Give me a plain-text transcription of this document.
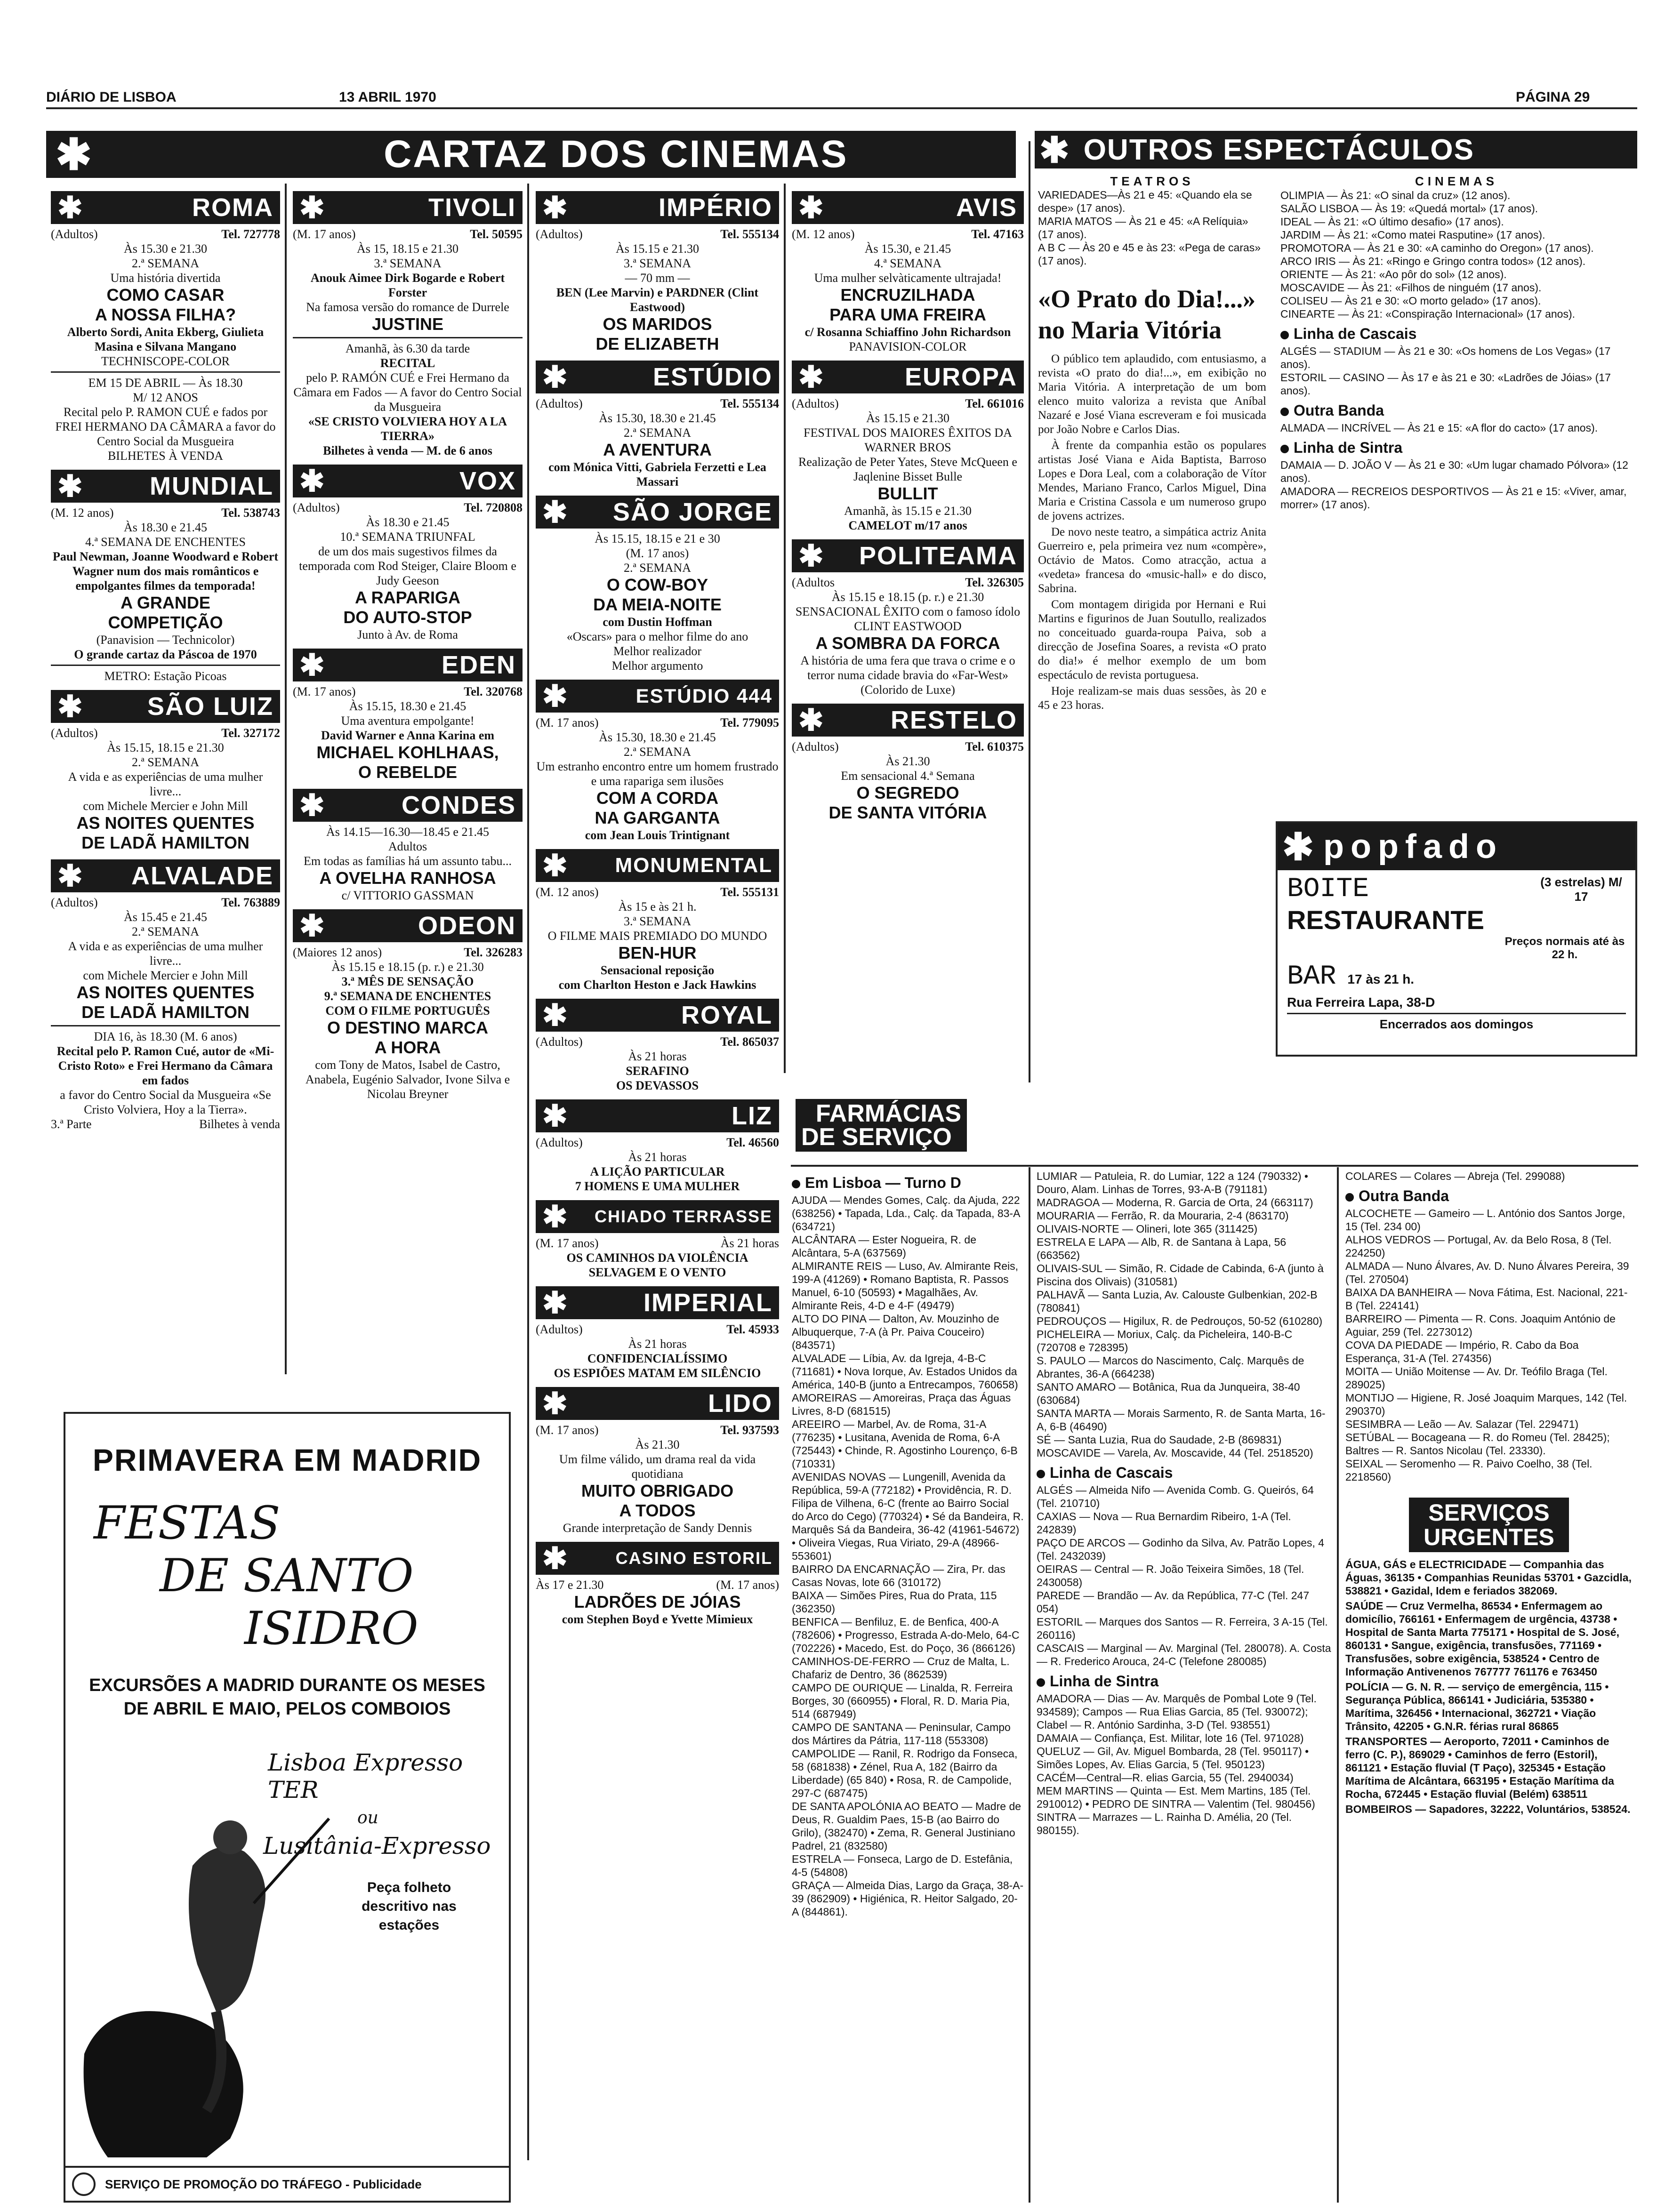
DIÁRIO DE LISBOA	13 ABRIL 1970	PÁGINA 29
✱	CARTAZ DOS CINEMAS	✱ OUTROS ESPECTÁCULOS
✱	ROMA
(Adultos)	Tel. 727778
Às 15.30 e 21.30
2.ª SEMANA
Uma história divertida
COMO CASAR
A NOSSA FILHA?
Alberto Sordi, Anita Ekberg, Giulieta Masina e Silvana Mangano
TECHNISCOPE-COLOR
EM 15 DE ABRIL — Às 18.30
M/ 12 ANOS
Recital pelo P. RAMON CUÉ e fados por FREI HERMANO DA CÂMARA a favor do Centro Social da Musgueira
BILHETES À VENDA
✱	MUNDIAL
(M. 12 anos)	Tel. 538743
Às 18.30 e 21.45
4.ª SEMANA DE ENCHENTES
Paul Newman, Joanne Woodward e Robert Wagner num dos mais românticos e empolgantes filmes da temporada!
A GRANDE
COMPETIÇÃO
(Panavision — Technicolor)
O grande cartaz da Páscoa de 1970
METRO: Estação Picoas
✱	SÃO LUIZ
(Adultos)	Tel. 327172
Às 15.15, 18.15 e 21.30
2.ª SEMANA
A vida e as experiências de uma mulher livre...
com Michele Mercier e John Mill
AS NOITES QUENTES
DE LADÃ HAMILTON
✱ ALVALADE
(Adultos)	Tel. 763889
Às 15.45 e 21.45
2.ª SEMANA
A vida e as experiências de uma mulher livre...
com Michele Mercier e John Mill
AS NOITES QUENTES
DE LADÃ HAMILTON
DIA 16, às 18.30 (M. 6 anos)
Recital pelo P. Ramon Cué, autor de «Mi-Cristo Roto» e Frei Hermano da Câmara em fados
a favor do Centro Social da Musgueira «Se Cristo Volviera, Hoy a la Tierra».
3.ª Parte	Bilhetes à venda
✱	TIVOLI
(M. 17 anos)	Tel. 50595
Às 15, 18.15 e 21.30
3.ª SEMANA
Anouk Aimee Dirk Bogarde e Robert Forster
Na famosa versão do romance de Durrele
JUSTINE
Amanhã, às 6.30 da tarde
RECITAL
pelo P. RAMÓN CUÉ e Frei Hermano da Câmara em Fados — A favor do Centro Social da Musgueira
«SE CRISTO VOLVIERA HOY A LA TIERRA»
Bilhetes à venda — M. de 6 anos
✱	VOX
(Adultos)	Tel. 720808
Às 18.30 e 21.45
10.ª SEMANA TRIUNFAL
de um dos mais sugestivos filmes da temporada com Rod Steiger, Claire Bloom e Judy Geeson
A RAPARIGA
DO AUTO-STOP
Junto à Av. de Roma
✱	EDEN
(M. 17 anos)	Tel. 320768
Às 15.15, 18.30 e 21.45
Uma aventura empolgante!
David Warner e Anna Karina em
MICHAEL KOHLHAAS,
O REBELDE
✱	CONDES
Às 14.15—16.30—18.45 e 21.45
Adultos
Em todas as famílias há um assunto tabu...
A OVELHA RANHOSA
c/ VITTORIO GASSMAN
✱	ODEON
(Maiores 12 anos)	Tel. 326283
Às 15.15 e 18.15 (p. r.) e 21.30
3.ª MÊS DE SENSAÇÃO
9.ª SEMANA DE ENCHENTES
COM O FILME PORTUGUÊS
O DESTINO MARCA
A HORA
com Tony de Matos, Isabel de Castro, Anabela, Eugénio Salvador, Ivone Silva e Nicolau Breyner
✱	IMPÉRIO
(Adultos)	Tel. 555134
Às 15.15 e 21.30
3.ª SEMANA
— 70 mm —
BEN (Lee Marvin) e PARDNER (Clint Eastwood)
OS MARIDOS
DE ELIZABETH
✱	ESTÚDIO
(Adultos)	Tel. 555134
Às 15.30, 18.30 e 21.45
2.ª SEMANA
A AVENTURA
com Mónica Vitti, Gabriela Ferzetti e Lea Massari
✱ SÃO JORGE
Às 15.15, 18.15 e 21 e 30
(M. 17 anos)
2.ª SEMANA
O COW-BOY
DA MEIA-NOITE
com Dustin Hoffman
«Oscars» para o melhor filme do ano
Melhor realizador
Melhor argumento
✱	ESTÚDIO 444
(M. 17 anos)	Tel. 779095
Às 15.30, 18.30 e 21.45
2.ª SEMANA
Um estranho encontro entre um homem frustrado e uma rapariga sem ilusões
COM A CORDA
NA GARGANTA
com Jean Louis Trintignant
✱ MONUMENTAL
(M. 12 anos)	Tel. 555131
Às 15 e às 21 h.
3.ª SEMANA
O FILME MAIS PREMIADO DO MUNDO
BEN-HUR
Sensacional reposição
com Charlton Heston e Jack Hawkins
✱	ROYAL
(Adultos)	Tel. 865037
Às 21 horas
SERAFINO
OS DEVASSOS
✱	LIZ
(Adultos)	Tel. 46560
Às 21 horas
A LIÇÃO PARTICULAR
7 HOMENS E UMA MULHER
✱ CHIADO TERRASSE
(M. 17 anos)	Às 21 horas
OS CAMINHOS DA VIOLÊNCIA
SELVAGEM E O VENTO
✱	IMPERIAL
(Adultos)	Tel. 45933
Às 21 horas
CONFIDENCIALÍSSIMO
OS ESPIÕES MATAM EM SILÊNCIO
✱	LIDO
(M. 17 anos)	Tel. 937593
Às 21.30
Um filme válido, um drama real da vida quotidiana
MUITO OBRIGADO
A TODOS
Grande interpretação de Sandy Dennis
✱	CASINO ESTORIL
Às 17 e 21.30	(M. 17 anos)
LADRÕES DE JÓIAS
com Stephen Boyd e Yvette Mimieux
✱	AVIS
(M. 12 anos)	Tel. 47163
Às 15.30, e 21.45
4.ª SEMANA
Uma mulher selvàticamente ultrajada!
ENCRUZILHADA
PARA UMA FREIRA
c/ Rosanna Schiaffino John Richardson
PANAVISION-COLOR
✱	EUROPA
(Adultos)	Tel. 661016
Às 15.15 e 21.30
FESTIVAL DOS MAIORES ÊXITOS DA WARNER BROS
Realização de Peter Yates, Steve McQueen e Jaqlenine Bisset Bulle
BULLIT
Amanhã, às 15.15 e 21.30
CAMELOT m/17 anos
✱ POLITEAMA
(Adultos	Tel. 326305
Às 15.15 e 18.15 (p. r.) e 21.30
SENSACIONAL ÊXITO com o famoso ídolo CLINT EASTWOOD
A SOMBRA DA FORCA
A história de uma fera que trava o crime e o terror numa cidade bravia do «Far-West» (Colorido de Luxe)
✱	RESTELO
(Adultos)	Tel. 610375
Às 21.30
Em sensacional 4.ª Semana
O SEGREDO
DE SANTA VITÓRIA
TEATROS
VARIEDADES—Às 21 e 45: «Quando ela se despe» (17 anos).
MARIA MATOS — Às 21 e 45: «A Relíquia» (17 anos).
A B C — Às 20 e 45 e às 23: «Pega de caras» (17 anos).
«O Prato do Dia!...»
no Maria Vitória

O público tem aplaudido, com entusiasmo, a revista «O prato do dia!...», em exibição no Maria Vitória. A interpretação de um bom elenco muito valoriza a revista que Aníbal Nazaré e José Viana escreveram e foi musicada por João Nobre e Carlos Dias.

À frente da companhia estão os populares artistas José Viana e Aida Baptista, Barroso Lopes e Dora Leal, com a colaboração de Vítor Mendes, Mariano Franco, Carlos Miguel, Dina Maria e Cristina Cassola e um numeroso grupo de jovens actrizes.

De novo neste teatro, a simpática actriz Anita Guerreiro e, pela primeira vez num «compère», Octávio de Matos. Como atracção, actua a «vedeta» francesa do «music-hall» e do disco, Sabrina.

Com montagem dirigida por Hernani e Rui Martins e figurinos de Juan Soutullo, realizados no conceituado guarda-roupa Paiva, sob a direcção de Josefina Soares, a revista «O prato do dia!» é melhor exemplo de um bom espectáculo de revista portuguesa.

Hoje realizam-se mais duas sessões, às 20 e 45 e 23 horas.

CINEMAS
OLIMPIA — Às 21: «O sinal da cruz» (12 anos).
SALÃO LISBOA — Às 19: «Quedá mortal» (17 anos).
IDEAL — Às 21: «O último desafio» (17 anos).
JARDIM — Às 21: «Como matei Rasputine» (17 anos).
PROMOTORA — Às 21 e 30: «A caminho do Oregon» (17 anos).
ARCO IRIS — Às 21: «Ringo e Gringo contra todos» (12 anos).
ORIENTE — Às 21: «Ao pôr do sol» (12 anos).
MOSCAVIDE — Às 21: «Filhos de ninguém (17 anos).
COLISEU — Às 21 e 30: «O morto gelado» (17 anos).
CINEARTE — Às 21: «Conspiração Internacional» (17 anos).
Linha de Cascais
ALGÉS — STADIUM — Às 21 e 30: «Os homens de Los Vegas» (17 anos).
ESTORIL — CASINO — Às 17 e às 21 e 30: «Ladrões de Jóias» (17 anos).
Outra Banda
ALMADA — INCRÍVEL — Às 21 e 15: «A flor do cacto» (17 anos).
Linha de Sintra
DAMAIA — D. JOÃO V — Às 21 e 30: «Um lugar chamado Pólvora» (12 anos).
AMADORA — RECREIOS DESPORTIVOS — Às 21 e 15: «Viver, amar, morrer» (17 anos).
✱ popfado
BOITE	(3 estrelas) M/ 17
RESTAURANTE
Preços normais até às 22 h.
BAR 17 às 21 h.
Rua Ferreira Lapa, 38-D
Encerrados aos domingos
PRIMAVERA EM MADRID
FESTAS
DE SANTO
ISIDRO
EXCURSÕES A MADRID DURANTE OS MESES DE ABRIL E MAIO, PELOS COMBOIOS
Lisboa Expresso TER
ou
Lusitânia-Expresso
Peça folheto descritivo nas estações
SERVIÇO DE PROMOÇÃO DO TRÁFEGO - Publicidade
FARMÁCIAS
DE SERVIÇO
Em Lisboa — Turno D
AJUDA — Mendes Gomes, Calç. da Ajuda, 222 (638256) • Tapada, Lda., Calç. da Tapada, 83-A (634721)
ALCÂNTARA — Ester Nogueira, R. de Alcântara, 5-A (637569)
ALMIRANTE REIS — Luso, Av. Almirante Reis, 199-A (41269) • Romano Baptista, R. Passos Manuel, 6-10 (50593) • Magalhães, Av. Almirante Reis, 4-D e 4-F (49479)
ALTO DO PINA — Dalton, Av. Mouzinho de Albuquerque, 7-A (à Pr. Paiva Couceiro) (843571)
ALVALADE — Líbia, Av. da Igreja, 4-B-C (711681) • Nova Iorque, Av. Estados Unidos da América, 140-B (junto a Entrecampos, 760658)
AMOREIRAS — Amoreiras, Praça das Águas Livres, 8-D (681515)
AREEIRO — Marbel, Av. de Roma, 31-A (776235) • Lusitana, Avenida de Roma, 6-A (725443) • Chinde, R. Agostinho Lourenço, 6-B (710331)
AVENIDAS NOVAS — Lungenill, Avenida da República, 59-A (772182) • Providência, R. D. Filipa de Vilhena, 6-C (frente ao Bairro Social do Arco do Cego) (770324) • Sé da Bandeira, R. Marquês Sá da Bandeira, 36-42 (41961-54672) • Oliveira Viegas, Rua Viriato, 29-A (48966-553601)
BAIRRO DA ENCARNAÇÃO — Zira, Pr. das Casas Novas, lote 66 (310172)
BAIXA — Simões Pires, Rua do Prata, 115 (362350)
BENFICA — Benfiluz, E. de Benfica, 400-A (782606) • Progresso, Estrada A-do-Melo, 64-C (702226) • Macedo, Est. do Poço, 36 (866126)
CAMINHOS-DE-FERRO — Cruz de Malta, L. Chafariz de Dentro, 36 (862539)
CAMPO DE OURIQUE — Linalda, R. Ferreira Borges, 30 (660955) • Floral, R. D. Maria Pia, 514 (687949)
CAMPO DE SANTANA — Peninsular, Campo dos Mártires da Pátria, 117-118 (553308)
CAMPOLIDE — Ranil, R. Rodrigo da Fonseca, 58 (681838) • Zénel, Rua A, 182 (Bairro da Liberdade) (65 840) • Rosa, R. de Campolide, 297-C (687475)
DE SANTA APOLÓNIA AO BEATO — Madre de Deus, R. Gualdim Paes, 15-B (ao Bairro do Grilo), (382470) • Zema, R. General Justiniano Padrel, 21 (832580)
ESTRELA — Fonseca, Largo de D. Estefânia, 4-5 (54808)
GRAÇA — Almeida Dias, Largo da Graça, 38-A-39 (862909) • Higiénica, R. Heitor Salgado, 20-A (844861).
LUMIAR — Patuleia, R. do Lumiar, 122 a 124 (790332) • Douro, Alam. Linhas de Torres, 93-A-B (791181)
MADRAGOA — Moderna, R. Garcia de Orta, 24 (663117)
MOURARIA — Ferrão, R. da Mouraria, 2-4 (863170)
OLIVAIS-NORTE — Olineri, lote 365 (311425)
ESTRELA E LAPA — Alb, R. de Santana à Lapa, 56 (663562)
OLIVAIS-SUL — Simão, R. Cidade de Cabinda, 6-A (junto à Piscina dos Olivais) (310581)
PALHAVÃ — Santa Luzia, Av. Calouste Gulbenkian, 202-B (780841)
PEDROUÇOS — Higilux, R. de Pedrouços, 50-52 (610280)
PICHELEIRA — Moriux, Calç. da Picheleira, 140-B-C (720708 e 728395)
S. PAULO — Marcos do Nascimento, Calç. Marquês de Abrantes, 36-A (664238)
SANTO AMARO — Botânica, Rua da Junqueira, 38-40 (630684)
SANTA MARTA — Morais Sarmento, R. de Santa Marta, 16-A, 6-B (46490)
SÉ — Santa Luzia, Rua do Saudade, 2-B (869831)
MOSCAVIDE — Varela, Av. Moscavide, 44 (Tel. 2518520)
Linha de Cascais
ALGÉS — Almeida Nifo — Avenida Comb. G. Queirós, 64 (Tel. 210710)
CAXIAS — Nova — Rua Bernardim Ribeiro, 1-A (Tel. 242839)
PAÇO DE ARCOS — Godinho da Silva, Av. Patrão Lopes, 4 (Tel. 2432039)
OEIRAS — Central — R. João Teixeira Simões, 18 (Tel. 2430058)
PAREDE — Brandão — Av. da República, 77-C (Tel. 247 054)
ESTORIL — Marques dos Santos — R. Ferreira, 3 A-15 (Tel. 260116)
CASCAIS — Marginal — Av. Marginal (Tel. 280078). A. Costa — R. Frederico Arouca, 24-C (Telefone 280085)
Linha de Sintra
AMADORA — Dias — Av. Marquês de Pombal Lote 9 (Tel. 934589); Campos — Rua Elias Garcia, 85 (Tel. 930072); Clabel — R. António Sardinha, 3-D (Tel. 938551)
DAMAIA — Confiança, Est. Militar, lote 16 (Tel. 971028)
QUELUZ — Gil, Av. Miguel Bombarda, 28 (Tel. 950117) • Simões Lopes, Av. Elias Garcia, 5 (Tel. 950123)
CACÉM—Central—R. elias Garcia, 55 (Tel. 2940034)
MEM MARTINS — Quinta — Est. Mem Martins, 185 (Tel. 2910012) • PEDRO DE SINTRA — Valentim (Tel. 980456)
SINTRA — Marrazes — L. Rainha D. Amélia, 20 (Tel. 980155).
COLARES — Colares — Abreja (Tel. 299088)
Outra Banda
ALCOCHETE — Gameiro — L. António dos Santos Jorge, 15 (Tel. 234 00)
ALHOS VEDROS — Portugal, Av. da Belo Rosa, 8 (Tel. 224250)
ALMADA — Nuno Álvares, Av. D. Nuno Álvares Pereira, 39 (Tel. 270504)
BAIXA DA BANHEIRA — Nova Fátima, Est. Nacional, 221-B (Tel. 224141)
BARREIRO — Pimenta — R. Cons. Joaquim António de Aguiar, 259 (Tel. 2273012)
COVA DA PIEDADE — Império, R. Cabo da Boa Esperança, 31-A (Tel. 274356)
MOITA — União Moitense — Av. Dr. Teófilo Braga (Tel. 289025)
MONTIJO — Higiene, R. José Joaquim Marques, 142 (Tel. 290370)
SESIMBRA — Leão — Av. Salazar (Tel. 229471)
SETÚBAL — Bocageana — R. do Romeu (Tel. 28425); Baltres — R. Santos Nicolau (Tel. 23330).
SEIXAL — Seromenho — R. Paivo Coelho, 38 (Tel. 2218560)
SERVIÇOS
URGENTES
ÁGUA, GÁS e ELECTRICIDADE — Companhia das Águas, 36135 • Companhias Reunidas 53701 • Gazcidla, 538821 • Gazidal, Idem e feriados 382069.
SAÚDE — Cruz Vermelha, 86534 • Enfermagem ao domicílio, 766161 • Enfermagem de urgência, 43738 • Hospital de Santa Marta 775171 • Hospital de S. José, 860131 • Sangue, exigência, transfusões, 771169 • Transfusões, sobre exigência, 538524 • Centro de Informação Antivenenos 767777 761176 e 763450
POLÍCIA — G. N. R. — serviço de emergência, 115 • Segurança Pública, 866141 • Judiciária, 535380 • Marítima, 326456 • Internacional, 362721 • Viação Trânsito, 42205 • G.N.R. férias rural 86865
TRANSPORTES — Aeroporto, 72011 • Caminhos de ferro (C. P.), 869029 • Caminhos de ferro (Estoril), 861121 • Estação fluvial (T Paço), 325345 • Estação Marítima de Alcântara, 663195 • Estação Marítima da Rocha, 672445 • Estação fluvial (Belém) 638511
BOMBEIROS — Sapadores, 32222, Voluntários, 538524.
